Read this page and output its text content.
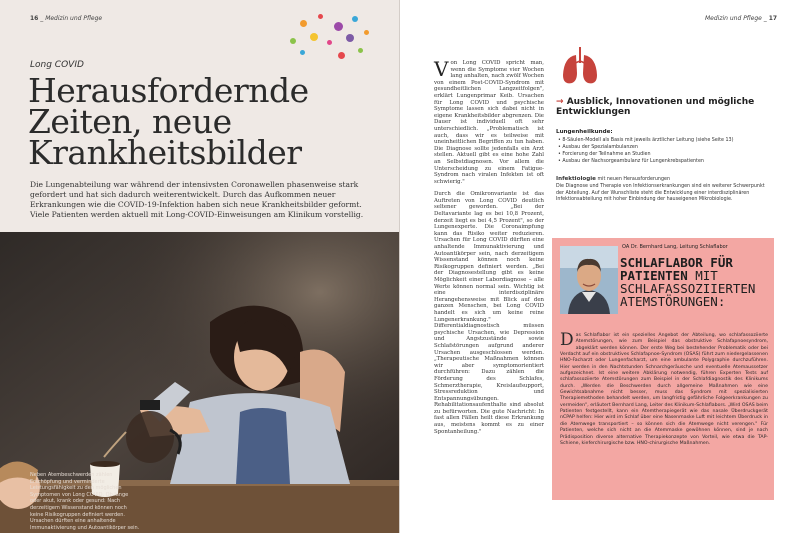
16 _ Medizin und Pflege
Long COVID
Herausfordernde Zeiten, neue Krankheitsbilder
Die Lungenabteilung war während der intensivsten Coronawellen phasenweise stark gefordert und hat sich dadurch weiterentwickelt. Durch das Aufkommen neuer Erkrankungen wie die COVID-19-Infektion haben sich neue Krankheitsbilder geformt. Viele Patienten werden aktuell mit Long-COVID-Einweisungen am Klinikum vorstellig.
Neben Atembeschwerden zählen Erschöpfung und verminderte Leistungsfähigkeit zu den möglichen Symptomen von Long COVID. Ob lange oder akut, krank oder gesund: Nach derzeitigem Wissenstand können noch keine Risikogruppen definiert werden. Ursachen dürften eine anhaltende Immunaktivierung und Autoantikörper sein.
Medizin und Pflege _ 17

Von Long COVID spricht man, wenn die Symptome vier Wochen lang anhalten, nach zwölf Wochen von einem Post-COVID-Syndrom mit gesundheitlichen Langzeitfolgen", erklärt Lungenprimar Keib. Ursachen für Long COVID und psychische Symptome lassen sich dabei nicht in eigene Krankheitsbilder abgrenzen. Die Dauer ist individuell oft sehr unterschiedlich. „Problematisch ist auch, dass wir es teilweise mit uneinheitlichen Begriffen zu tun haben. Die Diagnose sollte jedenfalls ein Arzt stellen. Aktuell gibt es eine hohe Zahl an Selbstdiagnosen. Vor allem die Unterscheidung zu einem Fatigue-Syndrom nach viralen Infekten ist oft schwierig."

Durch die Omikronvariante ist das Auftreten von Long COVID deutlich seltener geworden. „Bei der Deltavariante lag es bei 10,8 Prozent, derzeit liegt es bei 4,5 Prozent", so der Lungenexperte. Die Coronaimpfung kann das Risiko weiter reduzieren. Ursachen für Long COVID dürften eine anhaltende Immunaktivierung und Autoantikörper sein, nach derzeitigem Wissenstand können noch keine Risikogruppen definiert werden. „Bei der Diagnosestellung gibt es keine Möglichkeit einer Labordiagnose – alle Werte können normal sein. Wichtig ist eine interdisziplinäre Herangehensweise mit Blick auf den ganzen Menschen, bei Long COVID handelt es sich um keine reine Lungenerkrankung." Differentialdiagnostisch müssen psychische Ursachen, wie Depression und Angstzustände sowie Schlafstörungen aufgrund anderer Ursachen ausgeschlossen werden. „Therapeutische Maßnahmen können wir aber symptomorientiert durchführen: Dazu zählen die Förderung des Schlafes, Schmerztherapie, Kreislaufsupport, Stressreduktion und Entspannungsübungen. Rehabilitationsaufenthalte sind absolut zu befürworten. Die gute Nachricht: In fast allen Fällen heilt diese Erkrankung aus, meistens kommt es zu einer Spontanheilung."

→ Ausblick, Innovationen und mögliche Entwicklungen
Lungenheilkunde:
• 8-Säulen-Modell als Basis mit jeweils ärztlicher Leitung (siehe Seite 13)
• Ausbau der Spezialambulanzen
• Forcierung der Teilnahme an Studien
• Ausbau der Nachsorgeambulanz für Lungenkrebspatienten
Infektiologie mit neuen Herausforderungen
Die Diagnose und Therapie von Infektionserkrankungen sind ein weiterer Schwerpunkt der Abteilung. Auf der Wunschliste steht die Entwicklung einer interdisziplinären Infektionsabteilung mit hoher Einbindung der hauseigenen Mikrobiologie.
OA Dr. Bernhard Lang, Leitung Schlaflabor
SCHLAFLABOR FÜR
PATIENTEN MIT
SCHLAFASSOZIIERTEN ATEMSTÖRUNGEN:
Das Schlaflabor ist ein spezielles Angebot der Abteilung, wo schlafassoziierte Atemstörungen, wie zum Beispiel das obstruktive Schlafapnoesyndrom, abgeklärt werden können. Der erste Weg bei bestehender Problematik oder bei Verdacht auf ein obstruktives Schlafapnoe-Syndrom (OSAS) führt zum niedergelassenen HNO-Facharzt oder Lungenfacharzt, um eine ambulante Polygraphie durchzuführen. Hier werden in den Nachtstunden Schnarchgeräusche und eventuelle Atemaussetzer aufgezeichnet. Ist eine weitere Abklärung notwendig, führen Experten Tests auf schlafassoziierte Atemstörungen zum Beispiel in der Schlafdiagnostik des Klinikums durch. „Werden die Beschwerden durch allgemeine Maßnahmen wie eine Gewichtsabnahme nicht besser, muss das Syndrom mit spezialisierten Therapiemethoden behandelt werden, um langfristig gefährliche Folgeerkrankungen zu vermeiden", erläutert Bernhard Lang, Leiter des Klinikum-Schlaflabors. „Wird OSAS beim Patienten festgestellt, kann ein Atemtherapiegerät wie das nasale Überdruckgerät nCPAP helfen: Hier wird im Schlaf über eine Nasenmaske Luft mit leichtem Überdruck in die Atemwege transportiert – so können sich die Atemwege nicht verengen." Für Patienten, welche sich nicht an die Atemmaske gewöhnen können, sind je nach Prädisposition diverse alternative Therapiekonzepte von Vorteil, wie etwa die TAP-Schiene, kieferchirurgische bzw. HNO-chirurgische Maßnahmen.
